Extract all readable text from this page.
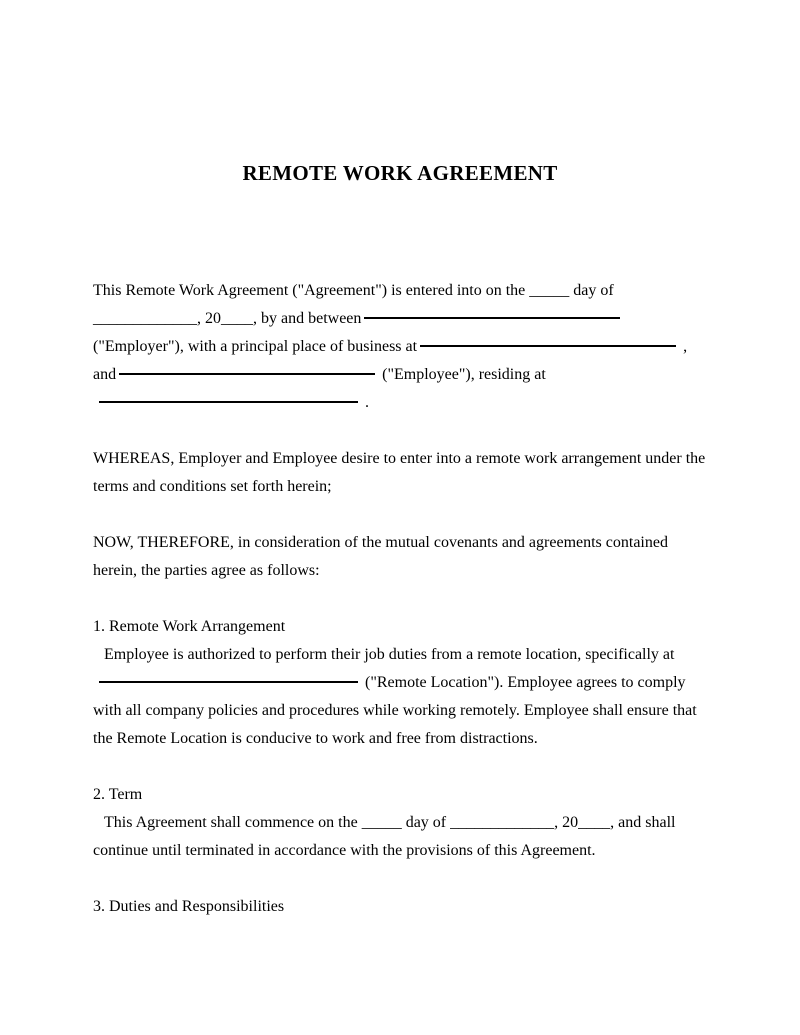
REMOTE WORK AGREEMENT
This Remote Work Agreement ("Agreement") is entered into on the _____ day of
_____________, 20____, by and between
("Employer"), with a principal place of business at	,
and	("Employee"), residing at
.
WHEREAS, Employer and Employee desire to enter into a remote work arrangement under the
terms and conditions set forth herein;
NOW, THEREFORE, in consideration of the mutual covenants and agreements contained
herein, the parties agree as follows:
1. Remote Work Arrangement
Employee is authorized to perform their job duties from a remote location, specifically at
("Remote Location"). Employee agrees to comply
with all company policies and procedures while working remotely. Employee shall ensure that
the Remote Location is conducive to work and free from distractions.
2. Term
This Agreement shall commence on the _____ day of _____________, 20____, and shall
continue until terminated in accordance with the provisions of this Agreement.
3. Duties and Responsibilities
